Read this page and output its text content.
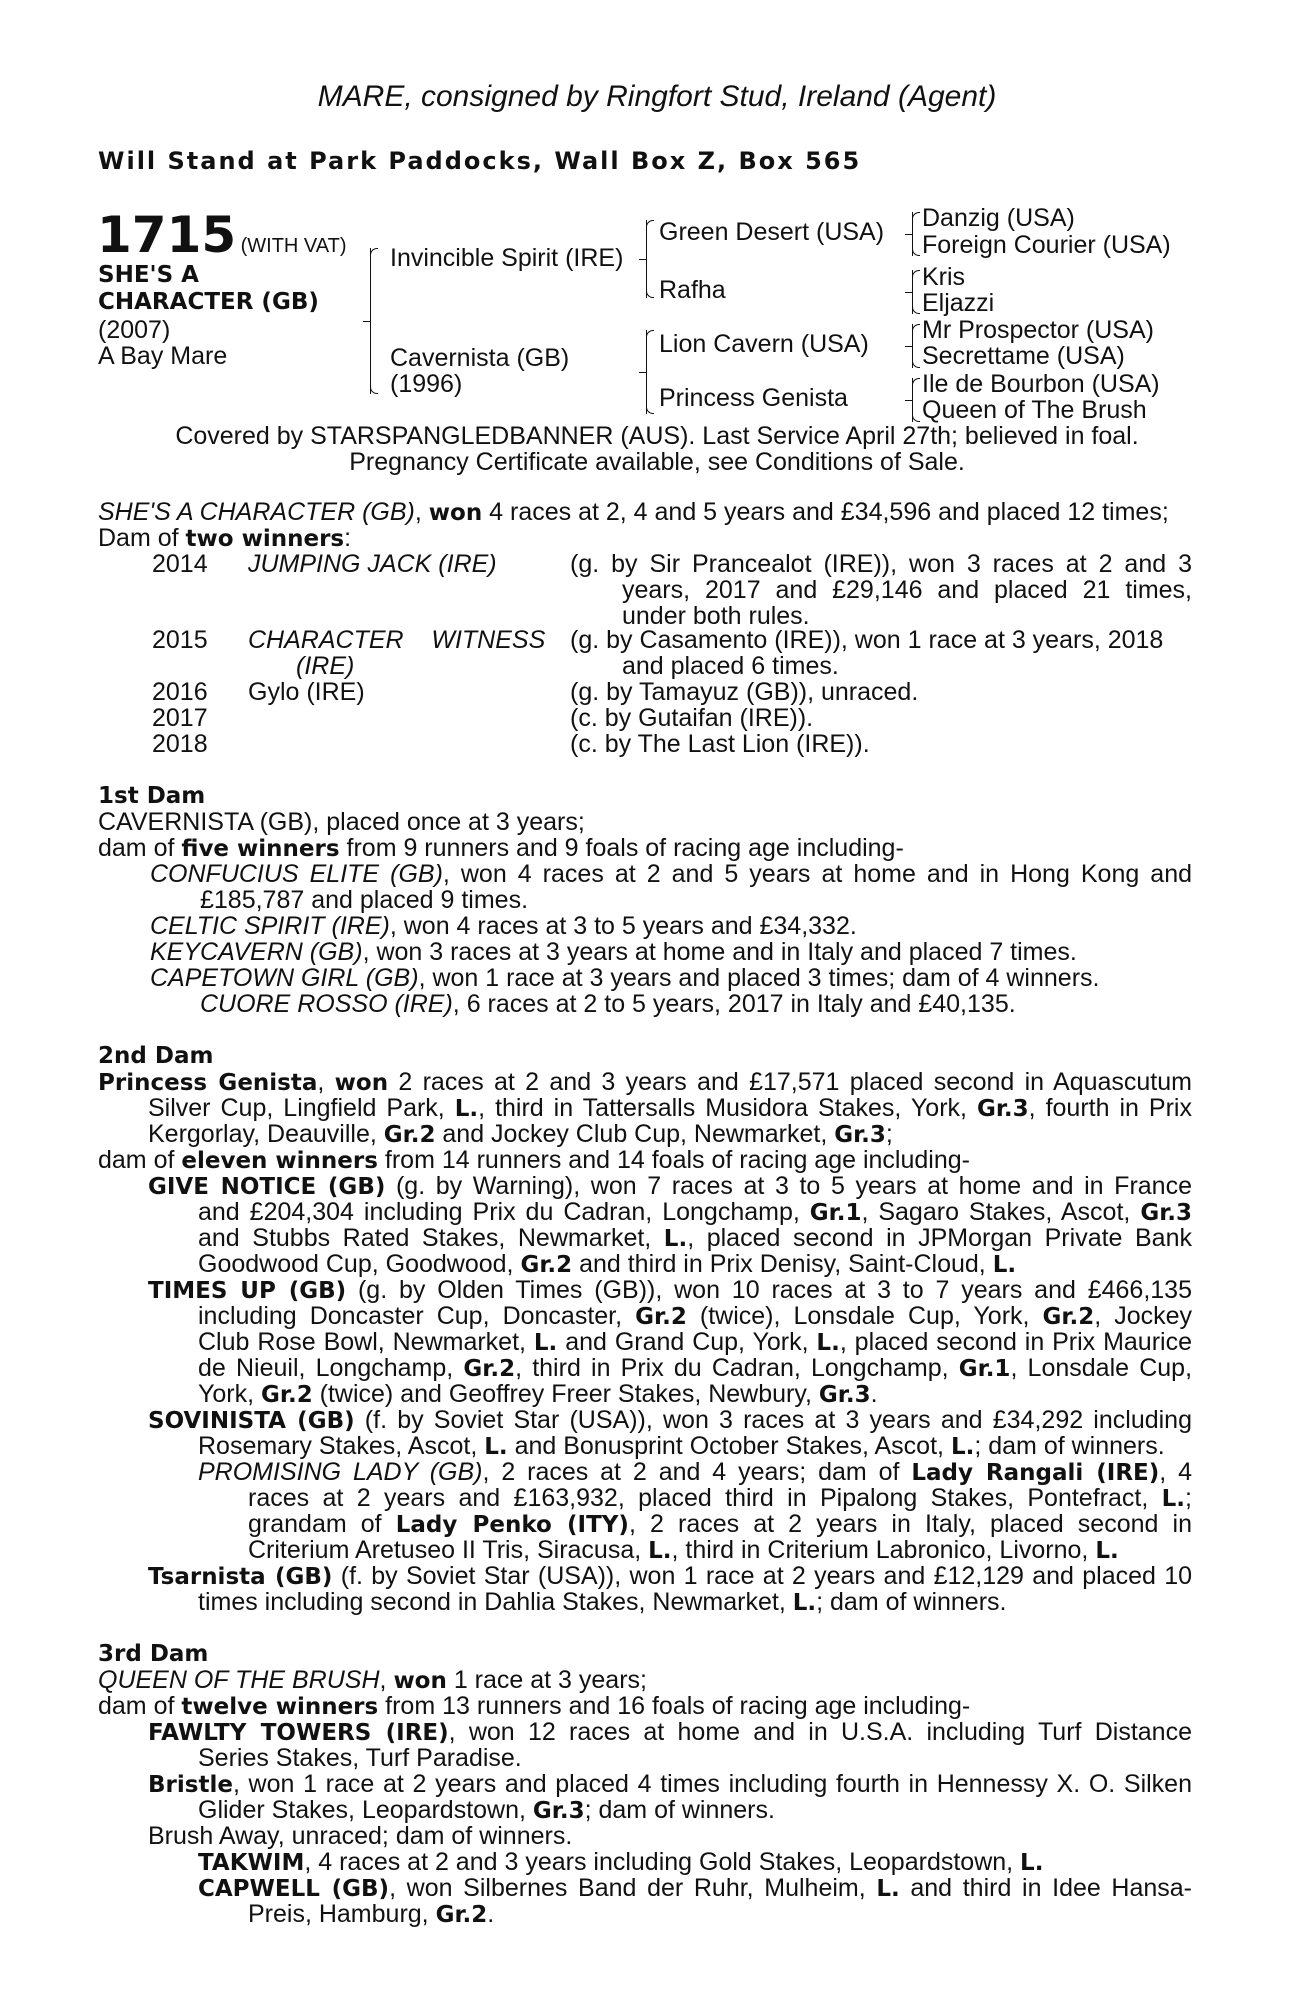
MARE, consigned by Ringfort Stud, Ireland (Agent)
Will Stand at Park Paddocks, Wall Box Z, Box 565
1715 (WITH VAT)
SHE'S A
CHARACTER (GB)
(2007)
A Bay Mare
Invincible Spirit (IRE)
Cavernista (GB)
(1996)
Green Desert (USA)
Rafha
Lion Cavern (USA)
Princess Genista
Danzig (USA)
Foreign Courier (USA)
Kris
Eljazzi
Mr Prospector (USA)
Secrettame (USA)
Ile de Bourbon (USA)
Queen of The Brush
Covered by STARSPANGLEDBANNER (AUS). Last Service April 27th; believed in foal.
Pregnancy Certificate available, see Conditions of Sale.
SHE'S A CHARACTER (GB), won 4 races at 2, 4 and 5 years and £34,596 and placed 12 times;
Dam of two winners:
2014 JUMPING JACK (IRE)	(g. by Sir Prancealot (IRE)), won 3 races at 2 and 3
years, 2017 and £29,146 and placed 21 times,
under both rules.
2015 CHARACTER    WITNESS
(IRE)
(g. by Casamento (IRE)), won 1 race at 3 years, 2018
and placed 6 times.
2016 Gylo (IRE)	(g. by Tamayuz (GB)), unraced.
2017	(c. by Gutaifan (IRE)).
2018	(c. by The Last Lion (IRE)).
1st Dam
CAVERNISTA (GB), placed once at 3 years;
dam of five winners from 9 runners and 9 foals of racing age including-
CONFUCIUS ELITE (GB), won 4 races at 2 and 5 years at home and in Hong Kong and
£185,787 and placed 9 times.
CELTIC SPIRIT (IRE), won 4 races at 3 to 5 years and £34,332.
KEYCAVERN (GB), won 3 races at 3 years at home and in Italy and placed 7 times.
CAPETOWN GIRL (GB), won 1 race at 3 years and placed 3 times; dam of 4 winners.
CUORE ROSSO (IRE), 6 races at 2 to 5 years, 2017 in Italy and £40,135.
2nd Dam
Princess Genista, won 2 races at 2 and 3 years and £17,571 placed second in Aquascutum
Silver Cup, Lingfield Park, L., third in Tattersalls Musidora Stakes, York, Gr.3, fourth in Prix
Kergorlay, Deauville, Gr.2 and Jockey Club Cup, Newmarket, Gr.3;
dam of eleven winners from 14 runners and 14 foals of racing age including-
GIVE NOTICE (GB) (g. by Warning), won 7 races at 3 to 5 years at home and in France
and £204,304 including Prix du Cadran, Longchamp, Gr.1, Sagaro Stakes, Ascot, Gr.3
and Stubbs Rated Stakes, Newmarket, L., placed second in JPMorgan Private Bank
Goodwood Cup, Goodwood, Gr.2 and third in Prix Denisy, Saint-Cloud, L.
TIMES UP (GB) (g. by Olden Times (GB)), won 10 races at 3 to 7 years and £466,135
including Doncaster Cup, Doncaster, Gr.2 (twice), Lonsdale Cup, York, Gr.2, Jockey
Club Rose Bowl, Newmarket, L. and Grand Cup, York, L., placed second in Prix Maurice
de Nieuil, Longchamp, Gr.2, third in Prix du Cadran, Longchamp, Gr.1, Lonsdale Cup,
York, Gr.2 (twice) and Geoffrey Freer Stakes, Newbury, Gr.3.
SOVINISTA (GB) (f. by Soviet Star (USA)), won 3 races at 3 years and £34,292 including
Rosemary Stakes, Ascot, L. and Bonusprint October Stakes, Ascot, L.; dam of winners.
PROMISING LADY (GB), 2 races at 2 and 4 years; dam of Lady Rangali (IRE), 4
races at 2 years and £163,932, placed third in Pipalong Stakes, Pontefract, L.;
grandam of Lady Penko (ITY), 2 races at 2 years in Italy, placed second in
Criterium Aretuseo II Tris, Siracusa, L., third in Criterium Labronico, Livorno, L.
Tsarnista (GB) (f. by Soviet Star (USA)), won 1 race at 2 years and £12,129 and placed 10
times including second in Dahlia Stakes, Newmarket, L.; dam of winners.
3rd Dam
QUEEN OF THE BRUSH, won 1 race at 3 years;
dam of twelve winners from 13 runners and 16 foals of racing age including-
FAWLTY TOWERS (IRE), won 12 races at home and in U.S.A. including Turf Distance
Series Stakes, Turf Paradise.
Bristle, won 1 race at 2 years and placed 4 times including fourth in Hennessy X. O. Silken
Glider Stakes, Leopardstown, Gr.3; dam of winners.
Brush Away, unraced; dam of winners.
TAKWIM, 4 races at 2 and 3 years including Gold Stakes, Leopardstown, L.
CAPWELL (GB), won Silbernes Band der Ruhr, Mulheim, L. and third in Idee Hansa-
Preis, Hamburg, Gr.2.
